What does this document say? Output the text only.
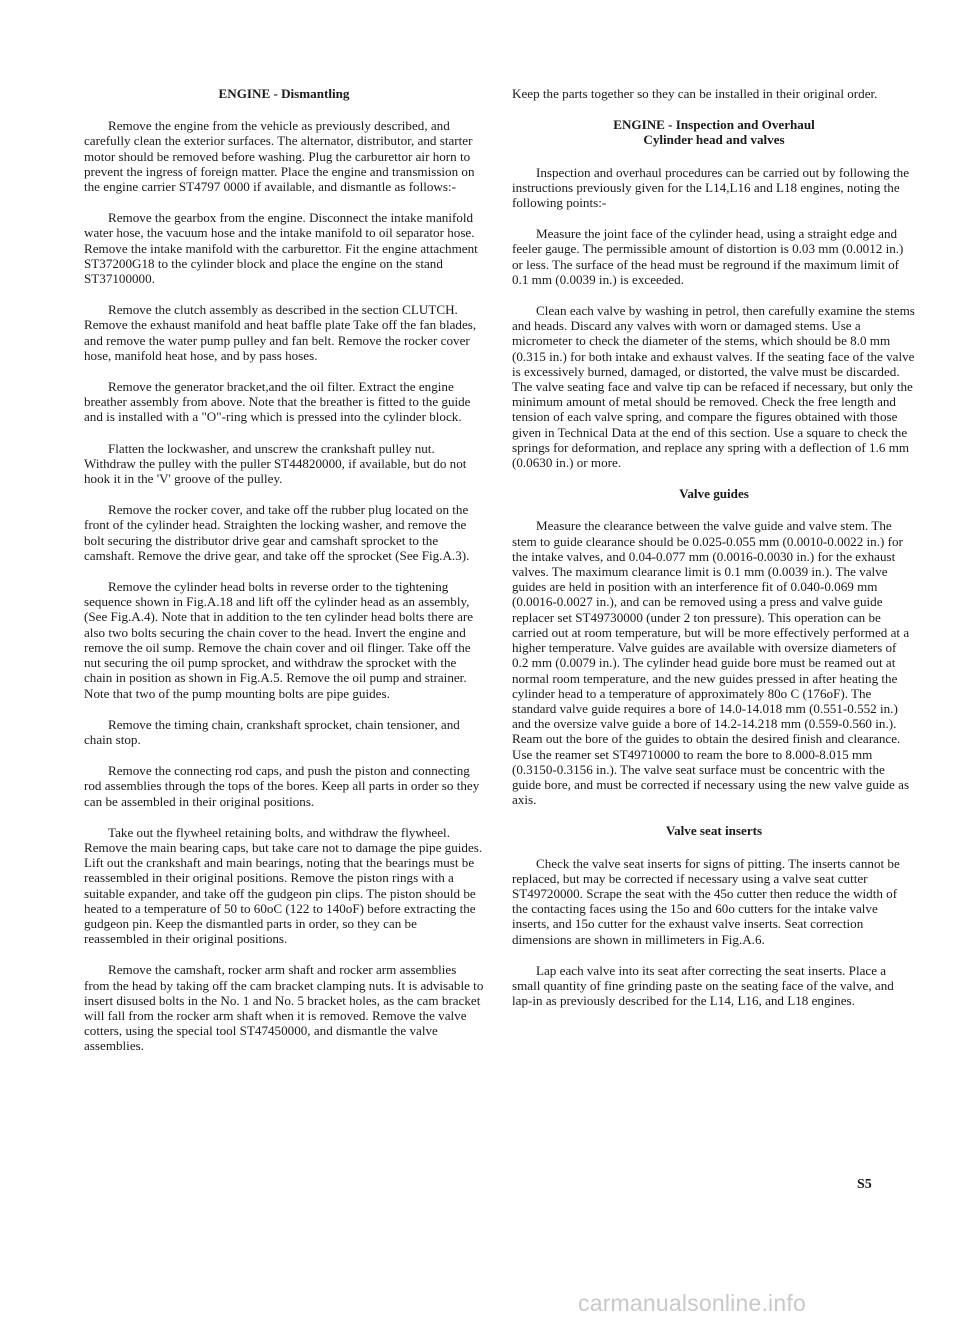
ENGINE - Dismantling

Remove the engine from the vehicle as previously described, and carefully clean the exterior surfaces. The alternator, distributor, and starter motor should be removed before washing. Plug the carburettor air horn to prevent the ingress of foreign matter. Place the engine and transmission on the engine carrier ST4797 0000 if available, and dismantle as follows:-

Remove the gearbox from the engine. Disconnect the intake manifold water hose, the vacuum hose and the intake manifold to oil separator hose. Remove the intake manifold with the carburettor. Fit the engine attachment ST37200G18 to the cylinder block and place the engine on the stand ST37100000.

Remove the clutch assembly as described in the section CLUTCH. Remove the exhaust manifold and heat baffle plate Take off the fan blades, and remove the water pump pulley and fan belt. Remove the rocker cover hose, manifold heat hose, and by pass hoses.

Remove the generator bracket,and the oil filter. Extract the engine breather assembly from above. Note that the breather is fitted to the guide and is installed with a "O"-ring which is pressed into the cylinder block.

Flatten the lockwasher, and unscrew the crankshaft pulley nut. Withdraw the pulley with the puller ST44820000, if available, but do not hook it in the 'V' groove of the pulley.

Remove the rocker cover, and take off the rubber plug located on the front of the cylinder head. Straighten the locking washer, and remove the bolt securing the distributor drive gear and camshaft sprocket to the camshaft. Remove the drive gear, and take off the sprocket (See Fig.A.3).

Remove the cylinder head bolts in reverse order to the tightening sequence shown in Fig.A.18 and lift off the cylinder head as an assembly, (See Fig.A.4). Note that in addition to the ten cylinder head bolts there are also two bolts securing the chain cover to the head. Invert the engine and remove the oil sump. Remove the chain cover and oil flinger. Take off the nut securing the oil pump sprocket, and withdraw the sprocket with the chain in position as shown in Fig.A.5. Remove the oil pump and strainer. Note that two of the pump mounting bolts are pipe guides.

Remove the timing chain, crankshaft sprocket, chain tensioner, and chain stop.

Remove the connecting rod caps, and push the piston and connecting rod assemblies through the tops of the bores. Keep all parts in order so they can be assembled in their original positions.

Take out the flywheel retaining bolts, and withdraw the flywheel. Remove the main bearing caps, but take care not to damage the pipe guides. Lift out the crankshaft and main bearings, noting that the bearings must be reassembled in their original positions. Remove the piston rings with a suitable expander, and take off the gudgeon pin clips. The piston should be heated to a temperature of 50 to 60oC (122 to 140oF) before extracting the gudgeon pin. Keep the dismantled parts in order, so they can be reassembled in their original positions.

Remove the camshaft, rocker arm shaft and rocker arm assemblies from the head by taking off the cam bracket clamping nuts. It is advisable to insert disused bolts in the No. 1 and No. 5 bracket holes, as the cam bracket will fall from the rocker arm shaft when it is removed. Remove the valve cotters, using the special tool ST47450000, and dismantle the valve assemblies.

Keep the parts together so they can be installed in their original order.

ENGINE - Inspection and Overhaul
Cylinder head and valves

Inspection and overhaul procedures can be carried out by following the instructions previously given for the L14,L16 and L18 engines, noting the following points:-

Measure the joint face of the cylinder head, using a straight edge and feeler gauge. The permissible amount of distortion is 0.03 mm (0.0012 in.) or less. The surface of the head must be reground if the maximum limit of 0.1 mm (0.0039 in.) is exceeded.

Clean each valve by washing in petrol, then carefully examine the stems and heads. Discard any valves with worn or damaged stems. Use a micrometer to check the diameter of the stems, which should be 8.0 mm (0.315 in.) for both intake and exhaust valves. If the seating face of the valve is excessively burned, damaged, or distorted, the valve must be discarded. The valve seating face and valve tip can be refaced if necessary, but only the minimum amount of metal should be removed. Check the free length and tension of each valve spring, and compare the figures obtained with those given in Technical Data at the end of this section. Use a square to check the springs for deformation, and replace any spring with a deflection of 1.6 mm (0.0630 in.) or more.

Valve guides

Measure the clearance between the valve guide and valve stem. The stem to guide clearance should be 0.025-0.055 mm (0.0010-0.0022 in.) for the intake valves, and 0.04-0.077 mm (0.0016-0.0030 in.) for the exhaust valves. The maximum clearance limit is 0.1 mm (0.0039 in.). The valve guides are held in position with an interference fit of 0.040-0.069 mm (0.0016-0.0027 in.), and can be removed using a press and valve guide replacer set ST49730000 (under 2 ton pressure). This operation can be carried out at room temperature, but will be more effectively performed at a higher temperature. Valve guides are available with oversize diameters of 0.2 mm (0.0079 in.). The cylinder head guide bore must be reamed out at normal room temperature, and the new guides pressed in after heating the cylinder head to a temperature of approximately 80o C (176oF). The standard valve guide requires a bore of 14.0-14.018 mm (0.551-0.552 in.) and the oversize valve guide a bore of 14.2-14.218 mm (0.559-0.560 in.). Ream out the bore of the guides to obtain the desired finish and clearance. Use the reamer set ST49710000 to ream the bore to 8.000-8.015 mm (0.3150-0.3156 in.). The valve seat surface must be concentric with the guide bore, and must be corrected if necessary using the new valve guide as axis.

Valve seat inserts

Check the valve seat inserts for signs of pitting. The inserts cannot be replaced, but may be corrected if necessary using a valve seat cutter ST49720000. Scrape the seat with the 45o cutter then reduce the width of the contacting faces using the 15o and 60o cutters for the intake valve inserts, and 15o cutter for the exhaust valve inserts. Seat correction dimensions are shown in millimeters in Fig.A.6.

Lap each valve into its seat after correcting the seat inserts. Place a small quantity of fine grinding paste on the seating face of the valve, and lap-in as previously described for the L14, L16, and L18 engines.

S5
carmanualsonline.info
